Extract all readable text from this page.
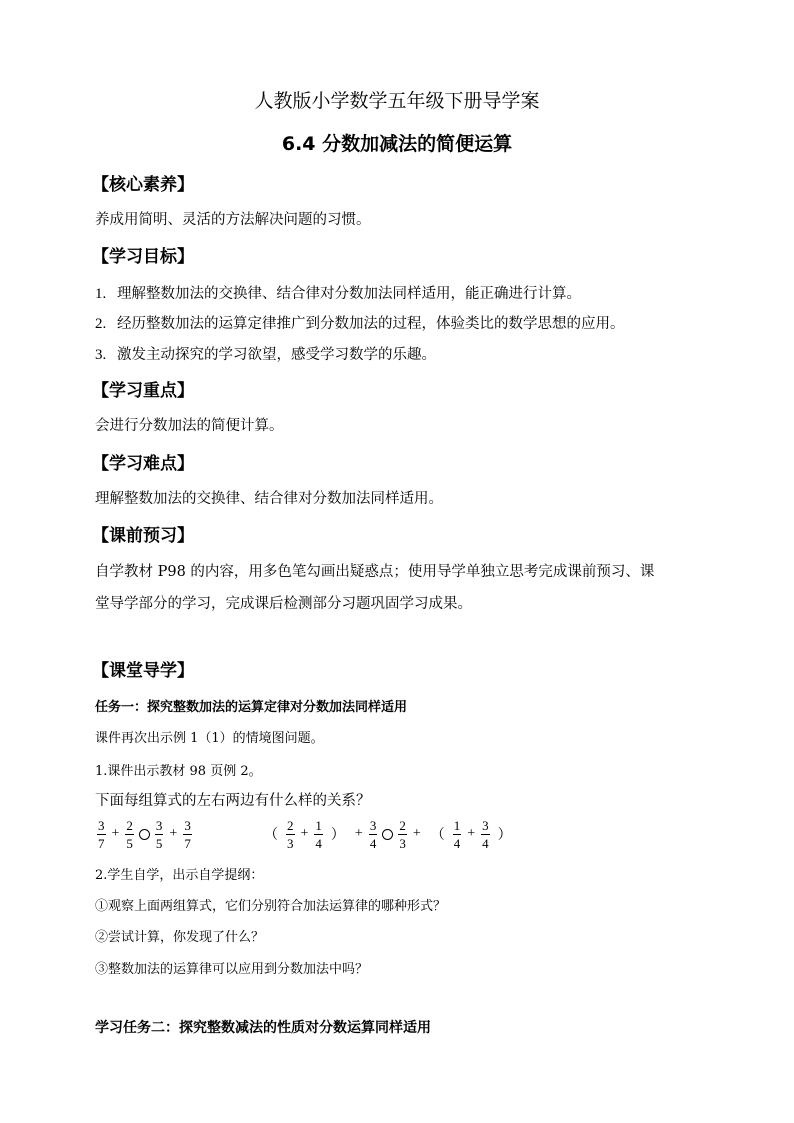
人教版小学数学五年级下册导学案
6.4 分数加减法的简便运算
【核心素养】
养成用简明、灵活的方法解决问题的习惯。
【学习目标】
1. 理解整数加法的交换律、结合律对分数加法同样适用，能正确进行计算。
2. 经历整数加法的运算定律推广到分数加法的过程，体验类比的数学思想的应用。
3. 激发主动探究的学习欲望，感受学习数学的乐趣。
【学习重点】
会进行分数加法的简便计算。
【学习难点】
理解整数加法的交换律、结合律对分数加法同样适用。
【课前预习】
自学教材 P98 的内容，用多色笔勾画出疑惑点；使用导学单独立思考完成课前预习、课
堂导学部分的学习，完成课后检测部分习题巩固学习成果。
【课堂导学】
任务一：探究整数加法的运算定律对分数加法同样适用
课件再次出示例 1（1）的情境图问题。
1.课件出示教材 98 页例 2。
下面每组算式的左右两边有什么样的关系？
$\frac{3}{7} + \frac{2}{5} \frac{3}{5} + \frac{3}{7}$	（ $\frac{2}{3} + \frac{1}{4}$ ） + $\frac{3}{4} \frac{2}{3}$ + （ $\frac{1}{4} + \frac{3}{4}$ ）
2.学生自学，出示自学提纲：
①观察上面两组算式，它们分别符合加法运算律的哪种形式？
②尝试计算，你发现了什么？
③整数加法的运算律可以应用到分数加法中吗？
学习任务二：探究整数减法的性质对分数运算同样适用
